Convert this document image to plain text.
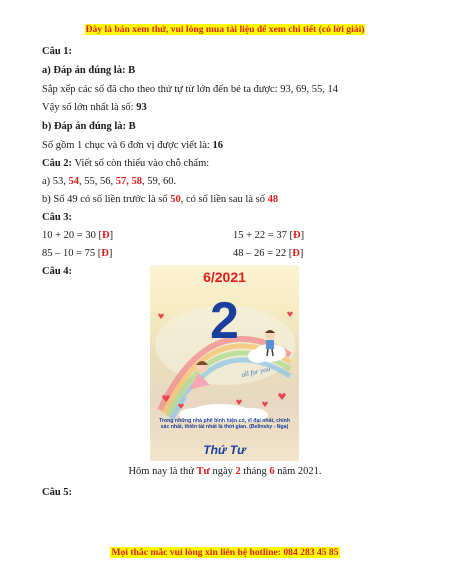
Đây là bản xem thử, vui lòng mua tài liệu để xem chi tiết (có lời giải)
Câu 1:
a) Đáp án đúng là: B
Sắp xếp các số đã cho theo thứ tự từ lớn đến bé ta được: 93, 69, 55, 14
Vậy số lớn nhất là số: 93
b) Đáp án đúng là: B
Số gồm 1 chục và 6 đơn vị được viết là: 16
Câu 2: Viết số còn thiếu vào chỗ chấm:
a) 53, 54, 55, 56, 57, 58, 59, 60.
b) Số 49 có số liền trước là số 50, có số liền sau là số 48
Câu 3:
10 + 20 = 30 [Đ]	15 + 22 = 37 [Đ]
85 – 10 = 75 [Đ]	48 – 26 = 22 [Đ]
Câu 4:
all for you
6/2021
2
Trong những nhà phê bình hiện có, vĩ đại nhất, chính xác nhất, thiên tài nhất là thời gian. (Belinsky - Nga)
Thứ Tư
Hôm nay là thứ Tư ngày 2 tháng 6 năm 2021.
Câu 5:
Mọi thắc mắc vui lòng xin liên hệ hotline: 084 283 45 85
